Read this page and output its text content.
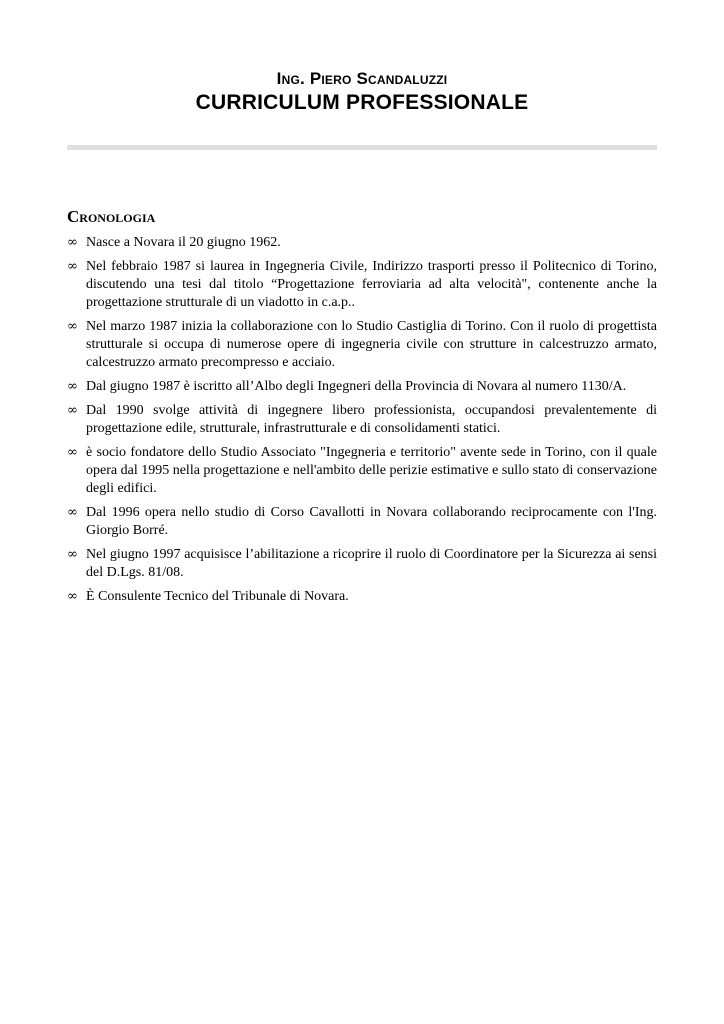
Ing. Piero Scandaluzzi
CURRICULUM PROFESSIONALE
Cronologia
∞ Nasce a Novara il 20 giugno 1962.
∞ Nel febbraio 1987 si laurea in Ingegneria Civile, Indirizzo trasporti presso il Politecnico di Torino, discutendo una tesi dal titolo “Progettazione ferroviaria ad alta velocità", contenente anche la progettazione strutturale di un viadotto in c.a.p..
∞ Nel marzo 1987 inizia la collaborazione con lo Studio Castiglia di Torino. Con il ruolo di progettista strutturale si occupa di numerose opere di ingegneria civile con strutture in calcestruzzo armato, calcestruzzo armato precompresso e acciaio.
∞ Dal giugno 1987 è iscritto all’Albo degli Ingegneri della Provincia di Novara al numero 1130/A.
∞ Dal 1990 svolge attività di ingegnere libero professionista, occupandosi prevalentemente di progettazione edile, strutturale, infrastrutturale e di consolidamenti statici.
∞ è socio fondatore dello Studio Associato "Ingegneria e territorio" avente sede in Torino, con il quale opera dal 1995 nella progettazione e nell'ambito delle perizie estimative e sullo stato di conservazione degli edifici.
∞ Dal 1996 opera nello studio di Corso Cavallotti in Novara collaborando reciprocamente con l'Ing. Giorgio Borré.
∞ Nel giugno 1997 acquisisce l’abilitazione a ricoprire il ruolo di Coordinatore per la Sicurezza ai sensi del D.Lgs. 81/08.
∞ È Consulente Tecnico del Tribunale di Novara.
